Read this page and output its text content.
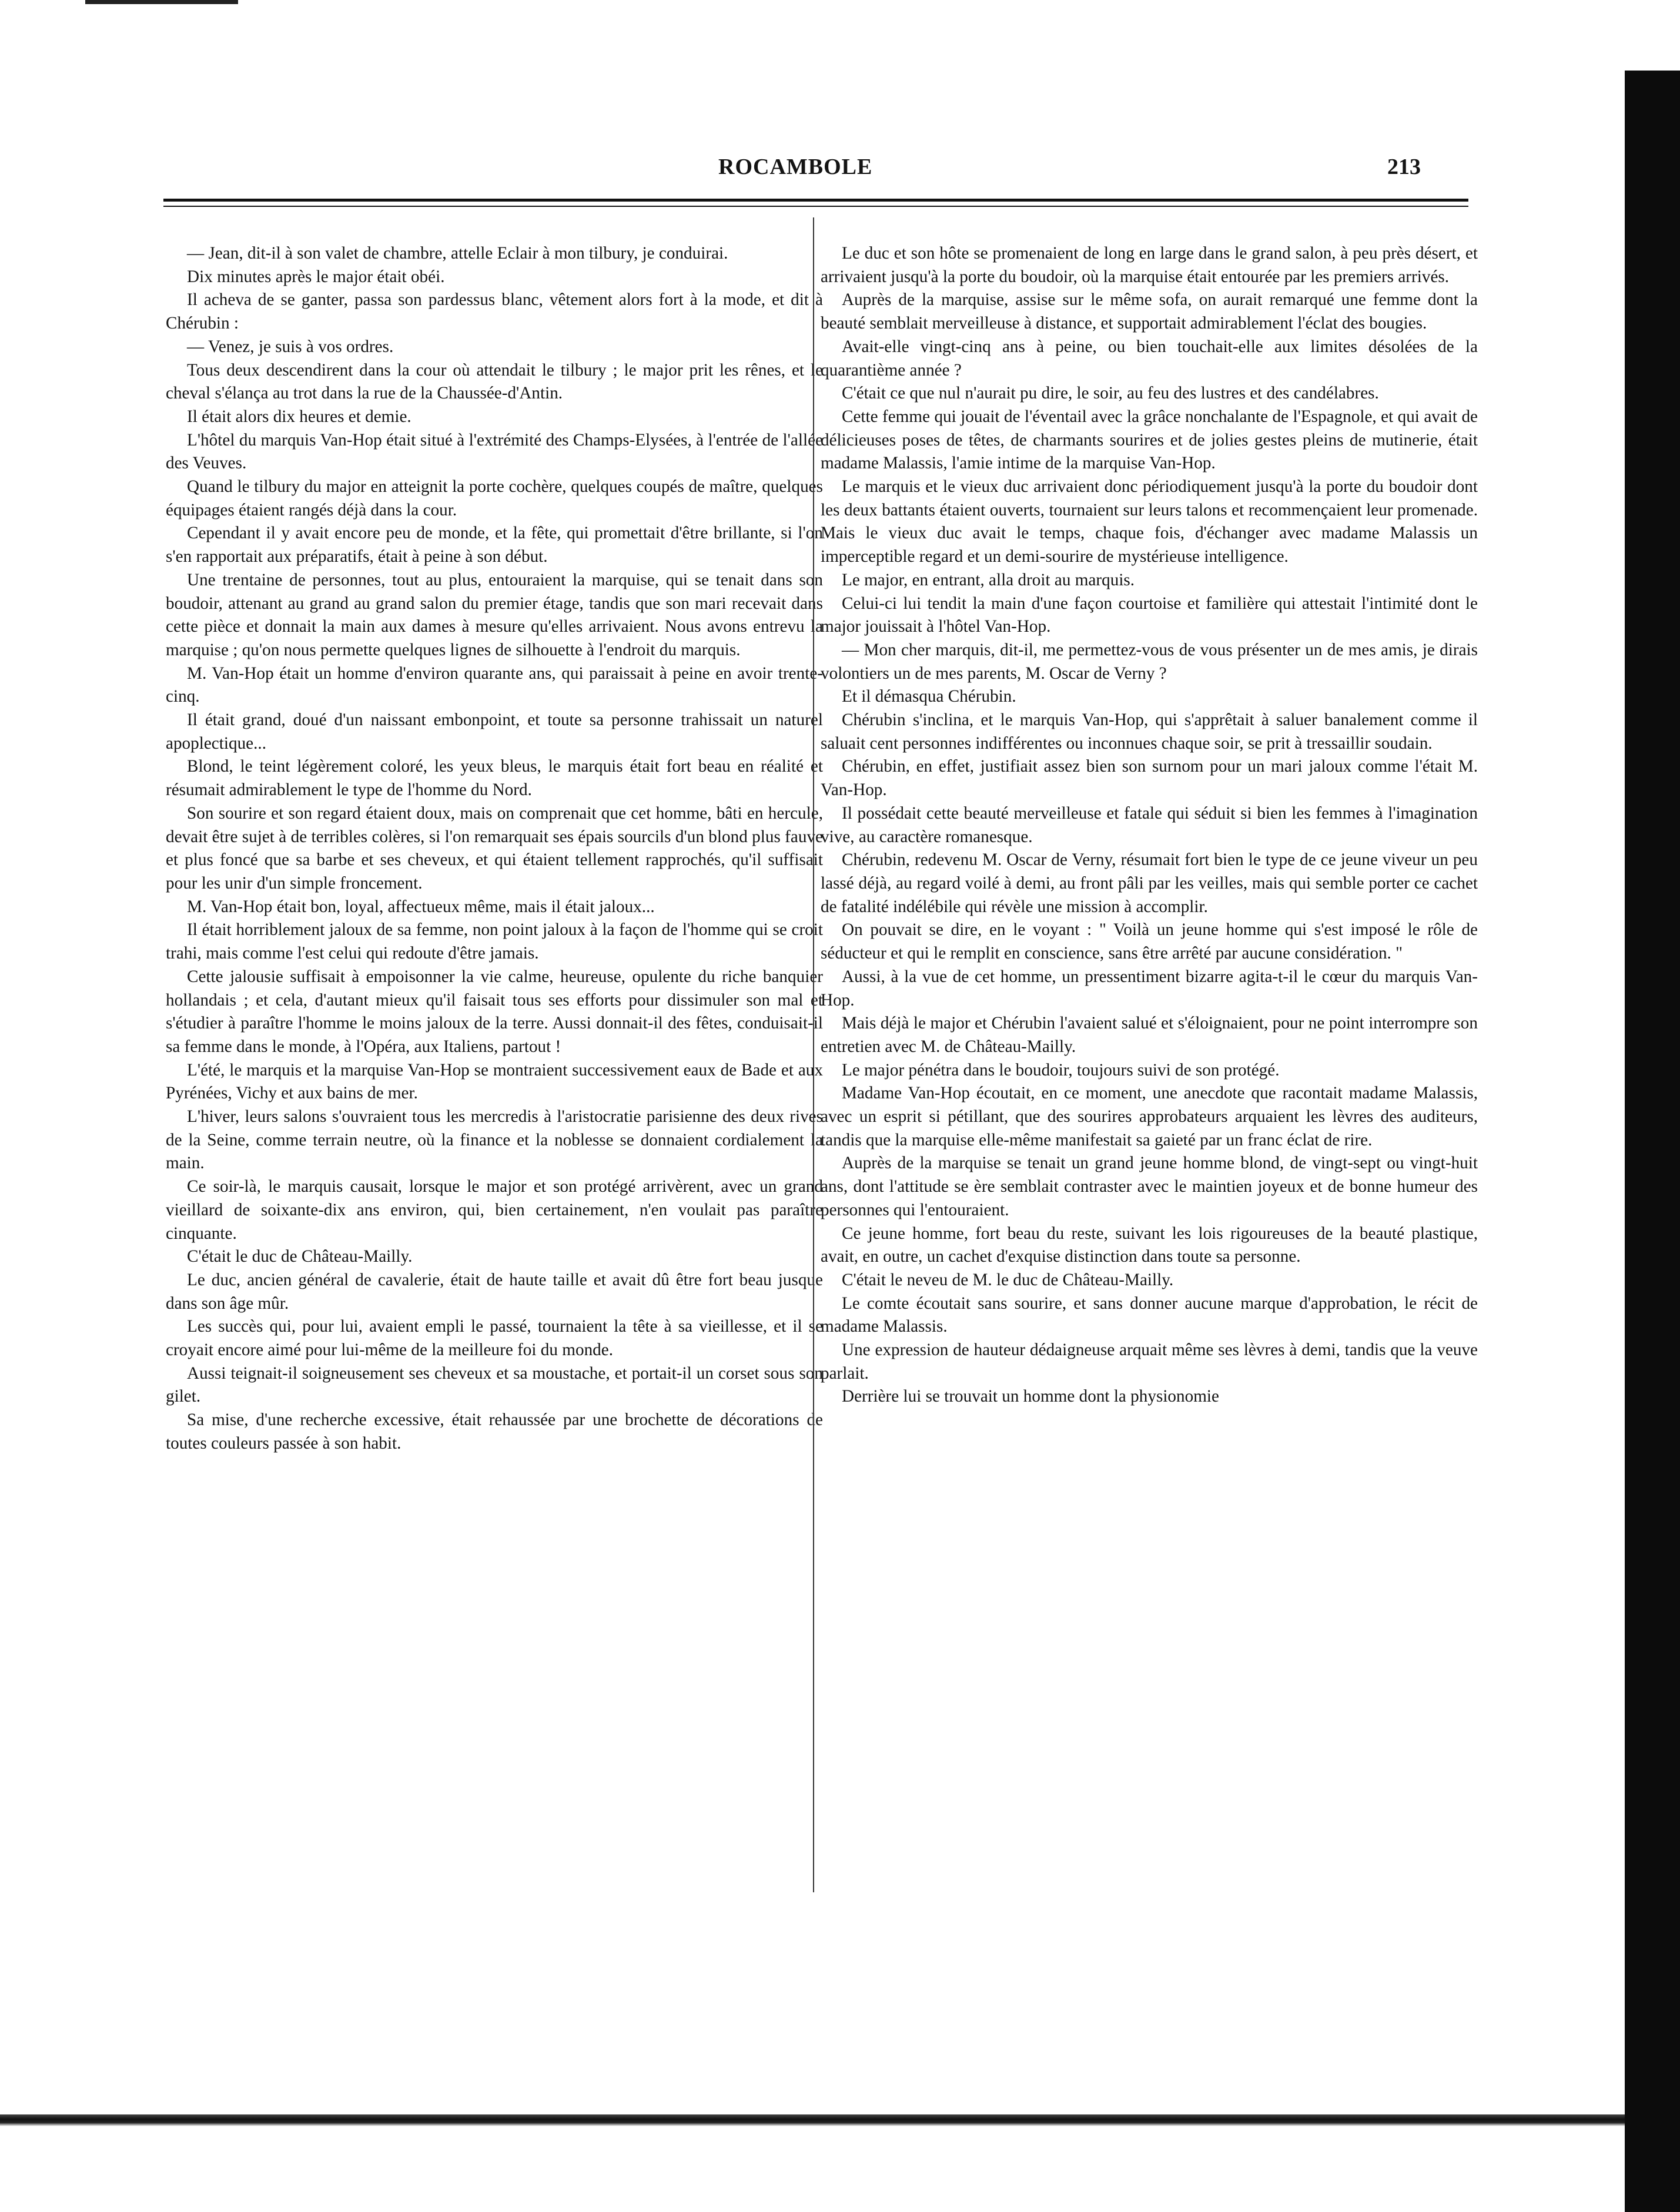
ROCAMBOLE	213

— Jean, dit-il à son valet de chambre, attelle Eclair à mon tilbury, je conduirai.

Dix minutes après le major était obéi.

Il acheva de se ganter, passa son pardessus blanc, vêtement alors fort à la mode, et dit à Chérubin :

— Venez, je suis à vos ordres.

Tous deux descendirent dans la cour où attendait le tilbury ; le major prit les rênes, et le cheval s'élança au trot dans la rue de la Chaussée-d'Antin.

Il était alors dix heures et demie.

L'hôtel du marquis Van-Hop était situé à l'extrémité des Champs-Elysées, à l'entrée de l'allée des Veuves.

Quand le tilbury du major en atteignit la porte cochère, quelques coupés de maître, quelques équipages étaient rangés déjà dans la cour.

Cependant il y avait encore peu de monde, et la fête, qui promettait d'être brillante, si l'on s'en rapportait aux préparatifs, était à peine à son début.

Une trentaine de personnes, tout au plus, entouraient la marquise, qui se tenait dans son boudoir, attenant au grand au grand salon du premier étage, tandis que son mari recevait dans cette pièce et donnait la main aux dames à mesure qu'elles arrivaient. Nous avons entrevu la marquise ; qu'on nous permette quelques lignes de silhouette à l'endroit du marquis.

M. Van-Hop était un homme d'environ quarante ans, qui paraissait à peine en avoir trente-cinq.

Il était grand, doué d'un naissant embonpoint, et toute sa personne trahissait un naturel apoplectique...

Blond, le teint légèrement coloré, les yeux bleus, le marquis était fort beau en réalité et résumait admirablement le type de l'homme du Nord.

Son sourire et son regard étaient doux, mais on comprenait que cet homme, bâti en hercule, devait être sujet à de terribles colères, si l'on remarquait ses épais sourcils d'un blond plus fauve et plus foncé que sa barbe et ses cheveux, et qui étaient tellement rapprochés, qu'il suffisait pour les unir d'un simple froncement.

M. Van-Hop était bon, loyal, affectueux même, mais il était jaloux...

Il était horriblement jaloux de sa femme, non point jaloux à la façon de l'homme qui se croit trahi, mais comme l'est celui qui redoute d'être jamais.

Cette jalousie suffisait à empoisonner la vie calme, heureuse, opulente du riche banquier hollandais ; et cela, d'autant mieux qu'il faisait tous ses efforts pour dissimuler son mal et s'étudier à paraître l'homme le moins jaloux de la terre. Aussi donnait-il des fêtes, conduisait-il sa femme dans le monde, à l'Opéra, aux Italiens, partout !

L'été, le marquis et la marquise Van-Hop se montraient successivement eaux de Bade et aux Pyrénées, Vichy et aux bains de mer.

L'hiver, leurs salons s'ouvraient tous les mercredis à l'aristocratie parisienne des deux rives de la Seine, comme terrain neutre, où la finance et la noblesse se donnaient cordialement la main.

Ce soir-là, le marquis causait, lorsque le major et son protégé arrivèrent, avec un grand vieillard de soixante-dix ans environ, qui, bien certainement, n'en voulait pas paraître cinquante.

C'était le duc de Château-Mailly.

Le duc, ancien général de cavalerie, était de haute taille et avait dû être fort beau jusque dans son âge mûr.

Les succès qui, pour lui, avaient empli le passé, tournaient la tête à sa vieillesse, et il se croyait encore aimé pour lui-même de la meilleure foi du monde.

Aussi teignait-il soigneusement ses cheveux et sa moustache, et portait-il un corset sous son gilet.

Sa mise, d'une recherche excessive, était rehaussée par une brochette de décorations de toutes couleurs passée à son habit.

Le duc et son hôte se promenaient de long en large dans le grand salon, à peu près désert, et arrivaient jusqu'à la porte du boudoir, où la marquise était entourée par les premiers arrivés.

Auprès de la marquise, assise sur le même sofa, on aurait remarqué une femme dont la beauté semblait merveilleuse à distance, et supportait admirablement l'éclat des bougies.

Avait-elle vingt-cinq ans à peine, ou bien touchait-elle aux limites désolées de la quarantième année ?

C'était ce que nul n'aurait pu dire, le soir, au feu des lustres et des candélabres.

Cette femme qui jouait de l'éventail avec la grâce nonchalante de l'Espagnole, et qui avait de délicieuses poses de têtes, de charmants sourires et de jolies gestes pleins de mutinerie, était madame Malassis, l'amie intime de la marquise Van-Hop.

Le marquis et le vieux duc arrivaient donc périodiquement jusqu'à la porte du boudoir dont les deux battants étaient ouverts, tournaient sur leurs talons et recommençaient leur promenade. Mais le vieux duc avait le temps, chaque fois, d'échanger avec madame Malassis un imperceptible regard et un demi-sourire de mystérieuse intelligence.

Le major, en entrant, alla droit au marquis.

Celui-ci lui tendit la main d'une façon courtoise et familière qui attestait l'intimité dont le major jouissait à l'hôtel Van-Hop.

— Mon cher marquis, dit-il, me permettez-vous de vous présenter un de mes amis, je dirais volontiers un de mes parents, M. Oscar de Verny ?

Et il démasqua Chérubin.

Chérubin s'inclina, et le marquis Van-Hop, qui s'apprêtait à saluer banalement comme il saluait cent personnes indifférentes ou inconnues chaque soir, se prit à tressaillir soudain.

Chérubin, en effet, justifiait assez bien son surnom pour un mari jaloux comme l'était M. Van-Hop.

Il possédait cette beauté merveilleuse et fatale qui séduit si bien les femmes à l'imagination vive, au caractère romanesque.

Chérubin, redevenu M. Oscar de Verny, résumait fort bien le type de ce jeune viveur un peu lassé déjà, au regard voilé à demi, au front pâli par les veilles, mais qui semble porter ce cachet de fatalité indélébile qui révèle une mission à accomplir.

On pouvait se dire, en le voyant : " Voilà un jeune homme qui s'est imposé le rôle de séducteur et qui le remplit en conscience, sans être arrêté par aucune considération. "

Aussi, à la vue de cet homme, un pressentiment bizarre agita-t-il le cœur du marquis Van-Hop.

Mais déjà le major et Chérubin l'avaient salué et s'éloignaient, pour ne point interrompre son entretien avec M. de Château-Mailly.

Le major pénétra dans le boudoir, toujours suivi de son protégé.

Madame Van-Hop écoutait, en ce moment, une anecdote que racontait madame Malassis, avec un esprit si pétillant, que des sourires approbateurs arquaient les lèvres des auditeurs, tandis que la marquise elle-même manifestait sa gaieté par un franc éclat de rire.

Auprès de la marquise se tenait un grand jeune homme blond, de vingt-sept ou vingt-huit ans, dont l'attitude se ère semblait contraster avec le maintien joyeux et de bonne humeur des personnes qui l'entouraient.

Ce jeune homme, fort beau du reste, suivant les lois rigoureuses de la beauté plastique, avait, en outre, un cachet d'exquise distinction dans toute sa personne.

C'était le neveu de M. le duc de Château-Mailly.

Le comte écoutait sans sourire, et sans donner aucune marque d'approbation, le récit de madame Malassis.

Une expression de hauteur dédaigneuse arquait même ses lèvres à demi, tandis que la veuve parlait.

Derrière lui se trouvait un homme dont la physionomie
